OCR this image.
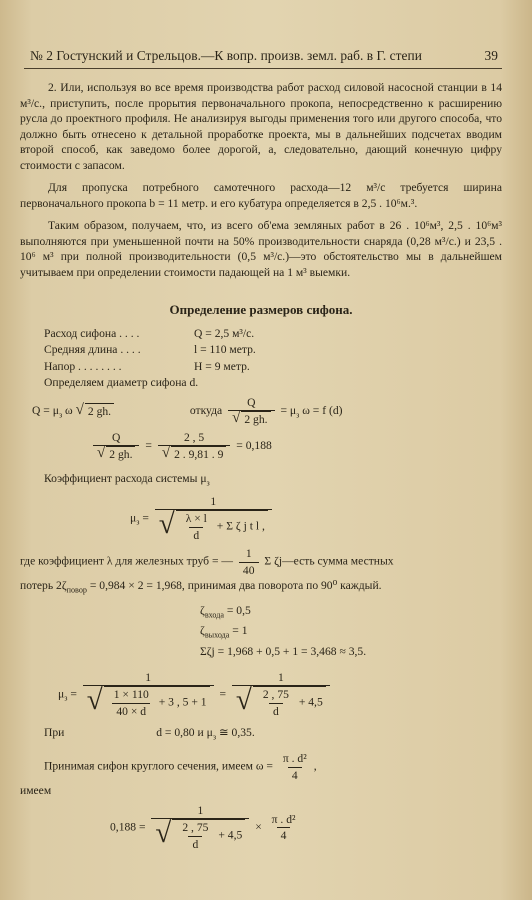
№ 2 Гостунский и Стрельцов.—К вопр. произв. земл. раб. в Г. степи	39

2. Или, используя во все время производства работ расход силовой насосной станции в 14 м³/с., приступить, после прорытия первоначального прокопа, непосредственно к расширению русла до проектного профиля. Не анализируя выгоды применения того или другого способа, что должно быть отнесено к детальной проработке проекта, мы в дальнейших подсчетах вводим второй способ, как заведомо более дорогой, а, следовательно, дающий конечную цифру стоимости с запасом.

Для пропуска потребного самотечного расхода—12 м³/с требуется ширина первоначального прокопа b = 11 метр. и его кубатура определяется в 2,5 . 10⁶м.³.

Таким образом, получаем, что, из всего об'ема земляных работ в 26 . 10⁶м³, 2,5 . 10⁶м³ выполняются при уменьшенной почти на 50% производительности снаряда (0,28 м³/с.) и 23,5 . 10⁶ м³ при полной производительности (0,5 м³/с.)—это обстоятельство мы в дальнейшем учитываем при определении стоимости падающей на 1 м³ выемки.

Определение размеров сифона.
Расход сифона . . . .	Q = 2,5 м³/с.
Средняя длина . . . .	l = 110 метр.
Напор . . . . . . . .	H = 9 метр.
Определяем диаметр сифона d.
$Q = \mu_з$ ω √ 2 gh.	откуда $\frac{Q}{√ 2 gh.} = \mu_з$ ω = f (d)
$\frac{Q}{√ 2 gh.} = \frac{2 , 5}{√ 2 . 9,81 . 9} = 0,188$
Коэффициент расхода системы $\mu_з$
$\mu_з = \frac{1}{√ \frac{\lambda \times l}{d} + \Sigma \zeta j t l ,}$
где коэффициент λ для железных труб = — $\frac{1}{40}$ Σ ζj—есть сумма местных
потерь $2\zeta_{повор} = 0,984 \times 2 = 1,968$, принимая два поворота по 90⁰ каждый.
$\zeta_{входа} = 0,5$
$\zeta_{выхода} = 1$
Σζj = 1,968 + 0,5 + 1 = 3,468 ≈ 3,5.
$\mu_з = \frac{1}{√ \frac{1 \times 110}{40 \times d} + 3 , 5 + 1} = \frac{1}{√ \frac{2 , 75}{d} + 4,5}$
При	d = 0,80 и $\mu_з$ ≅ 0,35.
Принимая сифон круглого сечения, имеем $\omega = \frac{\text{π . d²}}{4}$ ,
имеем
$0,188 = \frac{1}{√ \frac{2 , 75}{d} + 4,5} \times \frac{\text{π . d²}}{4}$
